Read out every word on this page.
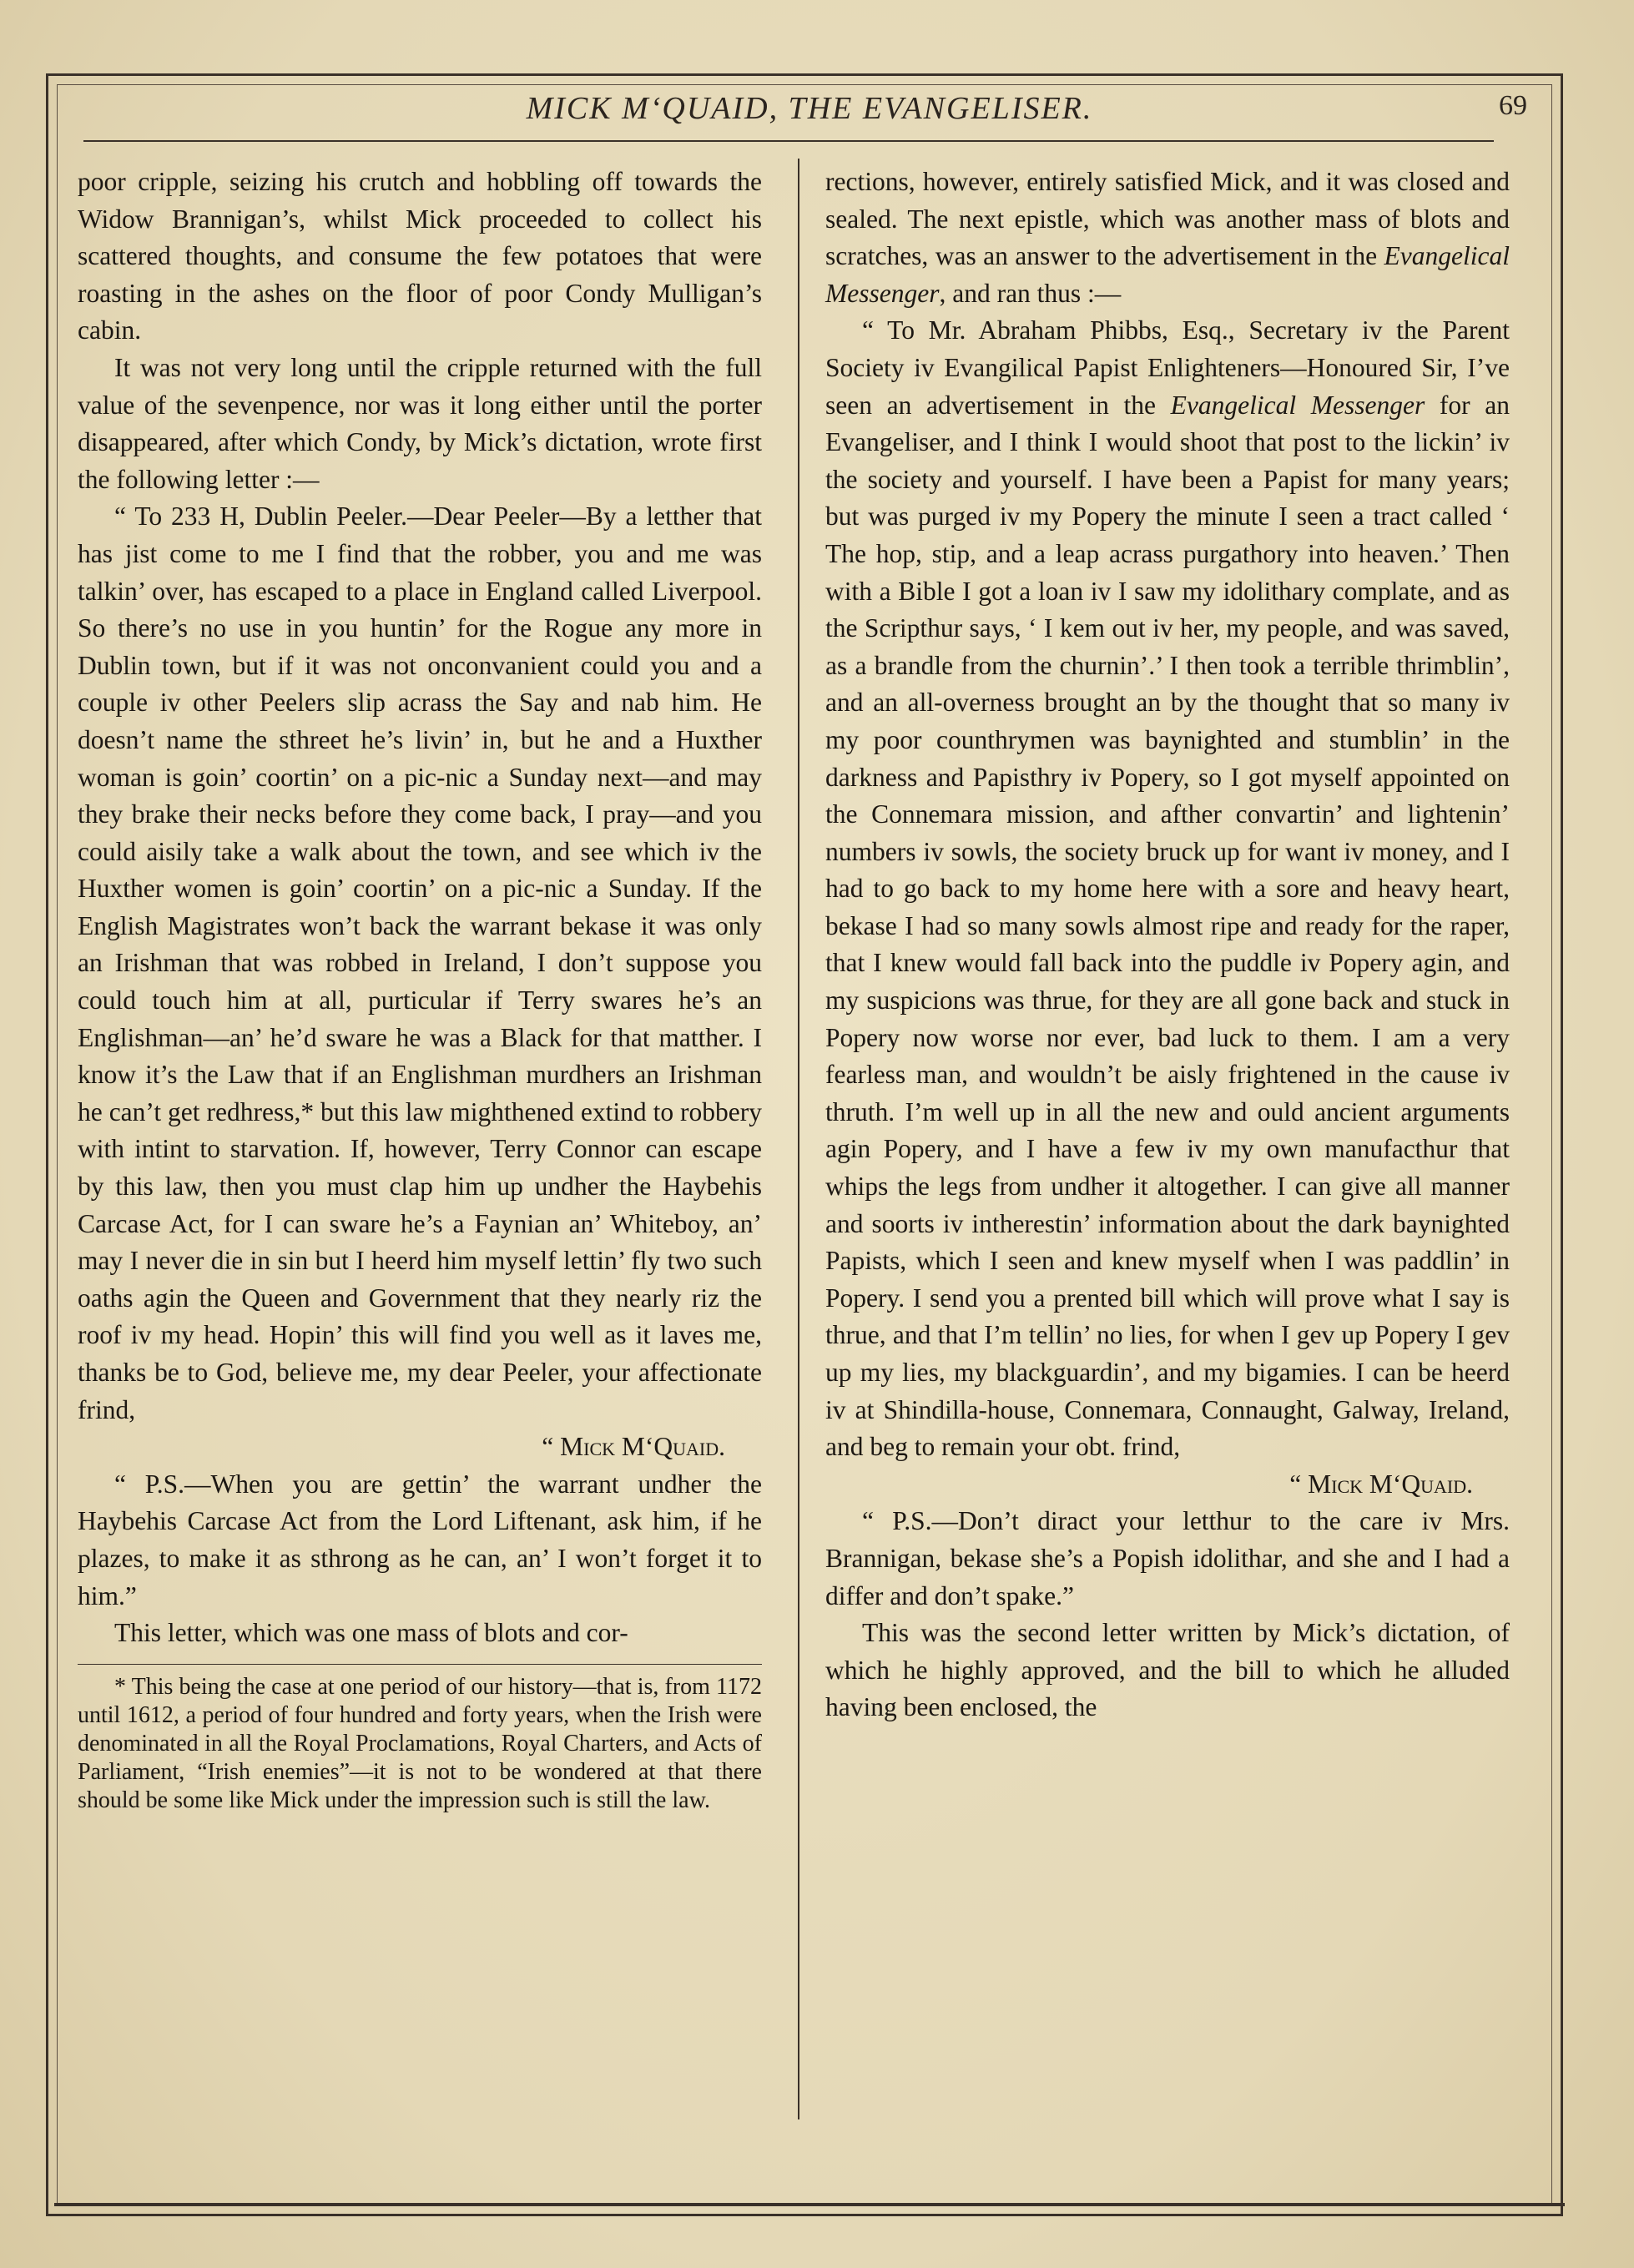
MICK M‘QUAID, THE EVANGELISER.	69

poor cripple, seizing his crutch and hobbling off towards the Widow Brannigan’s, whilst Mick proceeded to collect his scattered thoughts, and consume the few potatoes that were roasting in the ashes on the floor of poor Condy Mulligan’s cabin.

It was not very long until the cripple returned with the full value of the sevenpence, nor was it long either until the porter disappeared, after which Condy, by Mick’s dictation, wrote first the following letter :—

“ To 233 H, Dublin Peeler.—Dear Peeler—By a letther that has jist come to me I find that the robber, you and me was talkin’ over, has escaped to a place in England called Liverpool. So there’s no use in you huntin’ for the Rogue any more in Dublin town, but if it was not onconvanient could you and a couple iv other Peelers slip acrass the Say and nab him. He doesn’t name the sthreet he’s livin’ in, but he and a Huxther woman is goin’ coortin’ on a pic-nic a Sunday next—and may they brake their necks before they come back, I pray—and you could aisily take a walk about the town, and see which iv the Huxther women is goin’ coortin’ on a pic-nic a Sunday. If the English Magistrates won’t back the warrant bekase it was only an Irishman that was robbed in Ireland, I don’t suppose you could touch him at all, purticular if Terry swares he’s an Englishman—an’ he’d sware he was a Black for that matther. I know it’s the Law that if an Englishman murdhers an Irishman he can’t get redhress,* but this law mighthened extind to robbery with intint to starvation. If, however, Terry Connor can escape by this law, then you must clap him up undher the Haybehis Carcase Act, for I can sware he’s a Faynian an’ Whiteboy, an’ may I never die in sin but I heerd him myself lettin’ fly two such oaths agin the Queen and Government that they nearly riz the roof iv my head. Hopin’ this will find you well as it laves me, thanks be to God, believe me, my dear Peeler, your affectionate frind,

“ Mick M‘Quaid.

“ P.S.—When you are gettin’ the warrant undher the Haybehis Carcase Act from the Lord Liftenant, ask him, if he plazes, to make it as sthrong as he can, an’ I won’t forget it to him.”

This letter, which was one mass of blots and cor-

* This being the case at one period of our history—that is, from 1172 until 1612, a period of four hundred and forty years, when the Irish were denominated in all the Royal Proclamations, Royal Charters, and Acts of Parliament, “Irish enemies”—it is not to be wondered at that there should be some like Mick under the impression such is still the law.

rections, however, entirely satisfied Mick, and it was closed and sealed. The next epistle, which was another mass of blots and scratches, was an answer to the advertisement in the Evangelical Messenger, and ran thus :—

“ To Mr. Abraham Phibbs, Esq., Secretary iv the Parent Society iv Evangilical Papist Enlighteners—Honoured Sir, I’ve seen an advertisement in the Evangelical Messenger for an Evangeliser, and I think I would shoot that post to the lickin’ iv the society and yourself. I have been a Papist for many years; but was purged iv my Popery the minute I seen a tract called ‘ The hop, stip, and a leap acrass purgathory into heaven.’ Then with a Bible I got a loan iv I saw my idolithary complate, and as the Scripthur says, ‘ I kem out iv her, my people, and was saved, as a brandle from the churnin’.’ I then took a terrible thrimblin’, and an all-overness brought an by the thought that so many iv my poor counthrymen was baynighted and stumblin’ in the darkness and Papisthry iv Popery, so I got myself appointed on the Connemara mission, and afther convartin’ and lightenin’ numbers iv sowls, the society bruck up for want iv money, and I had to go back to my home here with a sore and heavy heart, bekase I had so many sowls almost ripe and ready for the raper, that I knew would fall back into the puddle iv Popery agin, and my suspicions was thrue, for they are all gone back and stuck in Popery now worse nor ever, bad luck to them. I am a very fearless man, and wouldn’t be aisly frightened in the cause iv thruth. I’m well up in all the new and ould ancient arguments agin Popery, and I have a few iv my own manufacthur that whips the legs from undher it altogether. I can give all manner and soorts iv intherestin’ information about the dark baynighted Papists, which I seen and knew myself when I was paddlin’ in Popery. I send you a prented bill which will prove what I say is thrue, and that I’m tellin’ no lies, for when I gev up Popery I gev up my lies, my blackguardin’, and my bigamies. I can be heerd iv at Shindilla-house, Connemara, Connaught, Galway, Ireland, and beg to remain your obt. frind,

“ Mick M‘Quaid.

“ P.S.—Don’t diract your letthur to the care iv Mrs. Brannigan, bekase she’s a Popish idolithar, and she and I had a differ and don’t spake.”

This was the second letter written by Mick’s dictation, of which he highly approved, and the bill to which he alluded having been enclosed, the
